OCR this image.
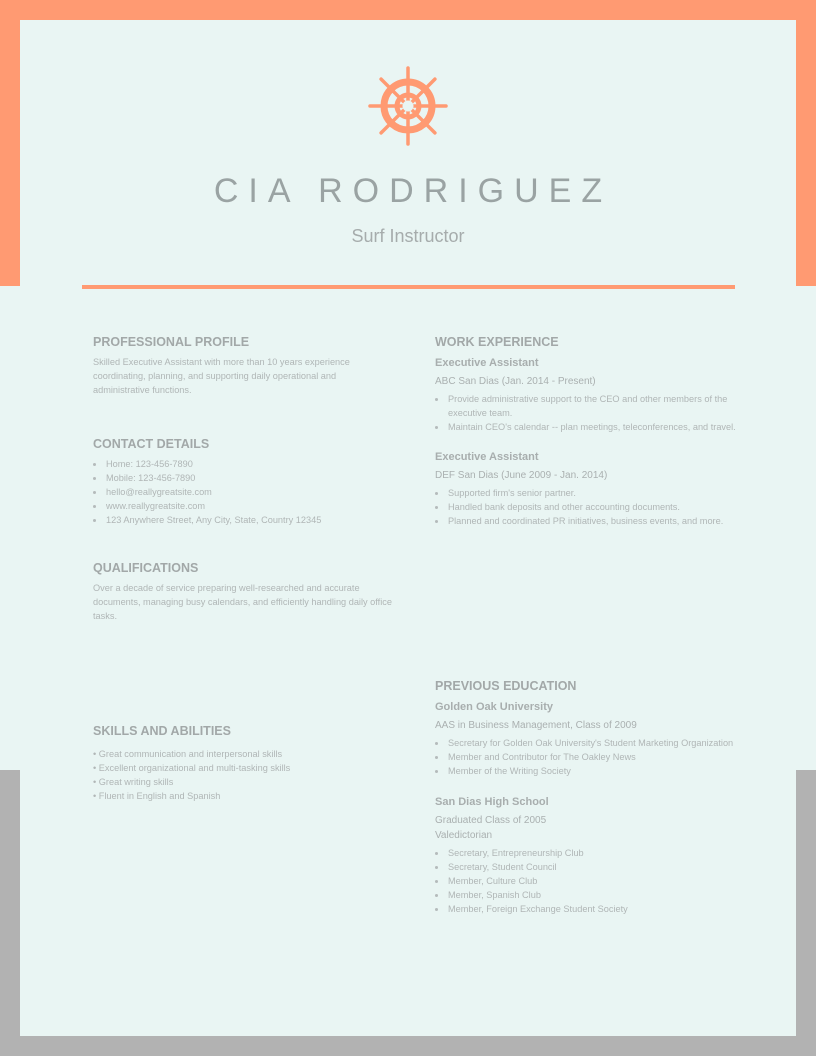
CIA RODRIGUEZ
Surf Instructor
PROFESSIONAL PROFILE

Skilled Executive Assistant with more than 10 years experience coordinating, planning, and supporting daily operational and administrative functions.

CONTACT DETAILS
Home: 123-456-7890
Mobile: 123-456-7890
hello@reallygreatsite.com
www.reallygreatsite.com
123 Anywhere Street, Any City, State, Country 12345
QUALIFICATIONS

Over a decade of service preparing well-researched and accurate documents, managing busy calendars, and efficiently handling daily office tasks.

SKILLS AND ABILITIES
• Great communication and interpersonal skills
• Excellent organizational and multi-tasking skills
• Great writing skills
• Fluent in English and Spanish
WORK EXPERIENCE
Executive Assistant

ABC San Dias (Jan. 2014 - Present)

Provide administrative support to the CEO and other members of the executive team.
Maintain CEO's calendar -- plan meetings, teleconferences, and travel.
Executive Assistant

DEF San Dias (June 2009 - Jan. 2014)

Supported firm's senior partner.
Handled bank deposits and other accounting documents.
Planned and coordinated PR initiatives, business events, and more.
PREVIOUS EDUCATION
Golden Oak University

AAS in Business Management, Class of 2009

Secretary for Golden Oak University's Student Marketing Organization
Member and Contributor for The Oakley News
Member of the Writing Society
San Dias High School

Graduated Class of 2005

Valedictorian

Secretary, Entrepreneurship Club
Secretary, Student Council
Member, Culture Club
Member, Spanish Club
Member, Foreign Exchange Student Society
